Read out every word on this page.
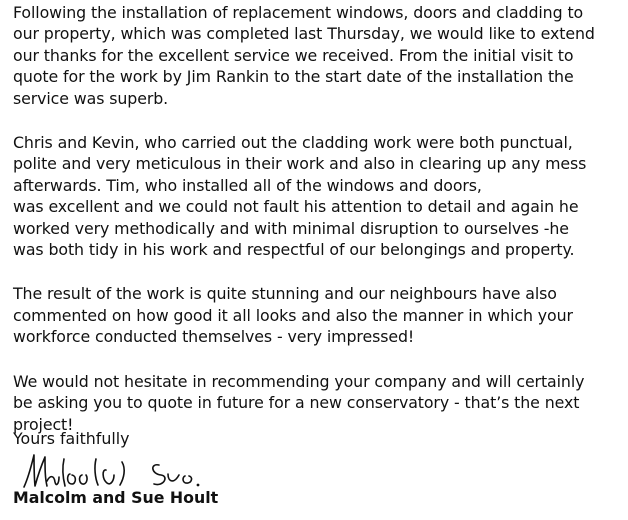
Following the installation of replacement windows, doors and cladding to
our property, which was completed last Thursday, we would like to extend
our thanks for the excellent service we received. From the initial visit to
quote for the work by Jim Rankin to the start date of the installation the
service was superb.

Chris and Kevin, who carried out the cladding work were both punctual,
polite and very meticulous in their work and also in clearing up any mess
afterwards. Tim, who installed all of the windows and doors,
was excellent and we could not fault his attention to detail and again he
worked very methodically and with minimal disruption to ourselves -he
was both tidy in his work and respectful of our belongings and property.

The result of the work is quite stunning and our neighbours have also
commented on how good it all looks and also the manner in which your
workforce conducted themselves - very impressed!

We would not hesitate in recommending your company and will certainly
be asking you to quote in future for a new conservatory - that’s the next
project!

Yours faithfully
Malcolm and Sue Hoult
